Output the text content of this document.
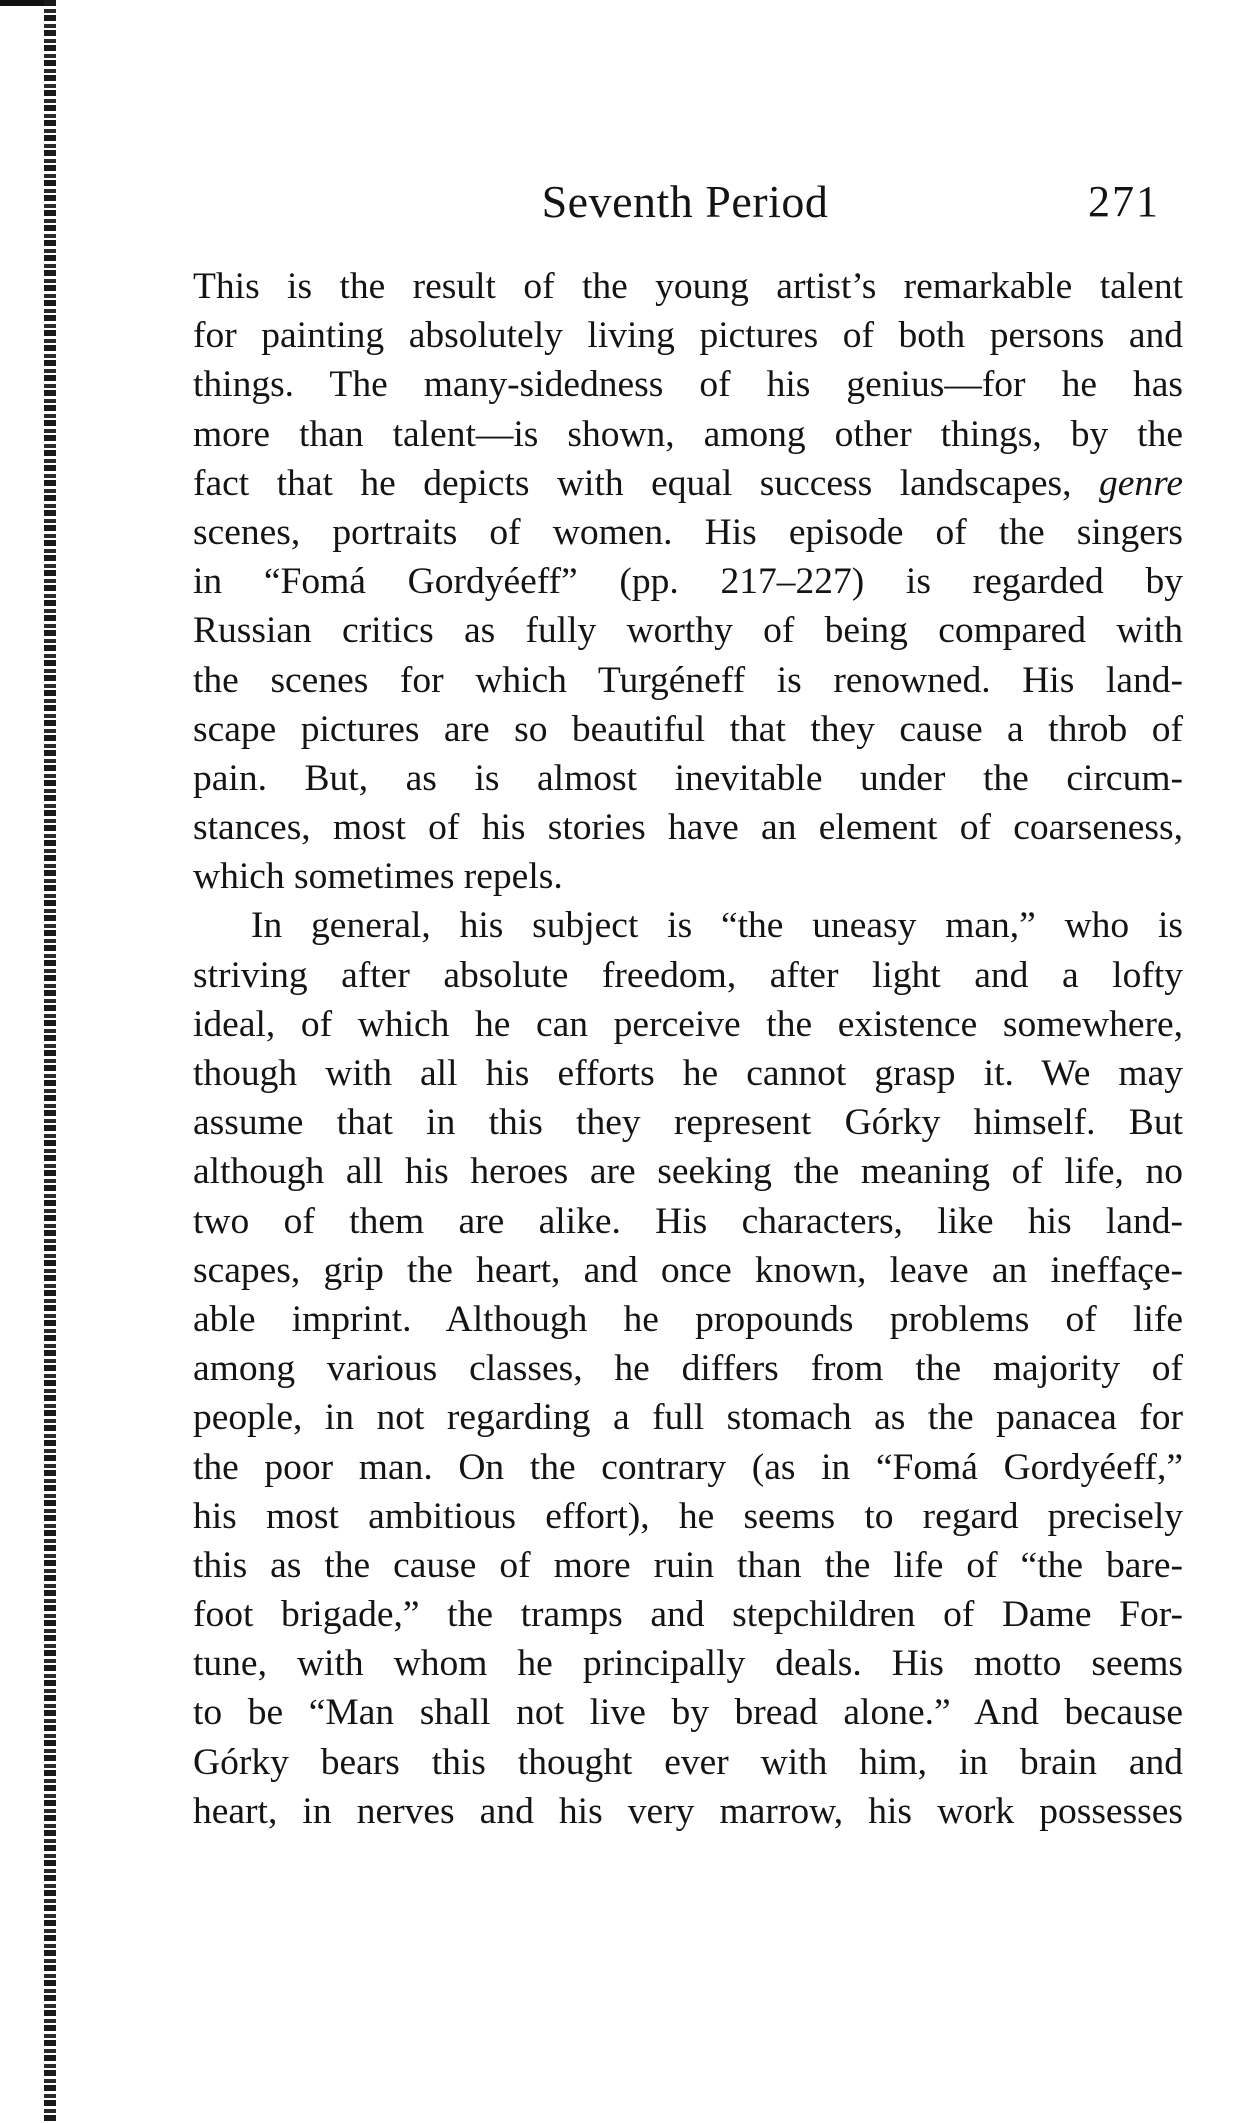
Seventh Period	271
This is the result of the young artist’s remarkable talent
for painting absolutely living pictures of both persons and
things. The many-sidedness of his genius—for he has
more than talent—is shown, among other things, by the
fact that he depicts with equal success landscapes, genre
scenes, portraits of women. His episode of the singers
in “Fomá Gordyéeff” (pp. 217–227) is regarded by
Russian critics as fully worthy of being compared with
the scenes for which Turgéneff is renowned. His land-
scape pictures are so beautiful that they cause a throb of
pain. But, as is almost inevitable under the circum-
stances, most of his stories have an element of coarseness,
which sometimes repels.
In general, his subject is “the uneasy man,” who is
striving after absolute freedom, after light and a lofty
ideal, of which he can perceive the existence somewhere,
though with all his efforts he cannot grasp it. We may
assume that in this they represent Górky himself. But
although all his heroes are seeking the meaning of life, no
two of them are alike. His characters, like his land-
scapes, grip the heart, and once known, leave an ineffaçe-
able imprint. Although he propounds problems of life
among various classes, he differs from the majority of
people, in not regarding a full stomach as the panacea for
the poor man. On the contrary (as in “Fomá Gordyéeff,”
his most ambitious effort), he seems to regard precisely
this as the cause of more ruin than the life of “the bare-
foot brigade,” the tramps and stepchildren of Dame For-
tune, with whom he principally deals. His motto seems
to be “Man shall not live by bread alone.” And because
Górky bears this thought ever with him, in brain and
heart, in nerves and his very marrow, his work possesses
